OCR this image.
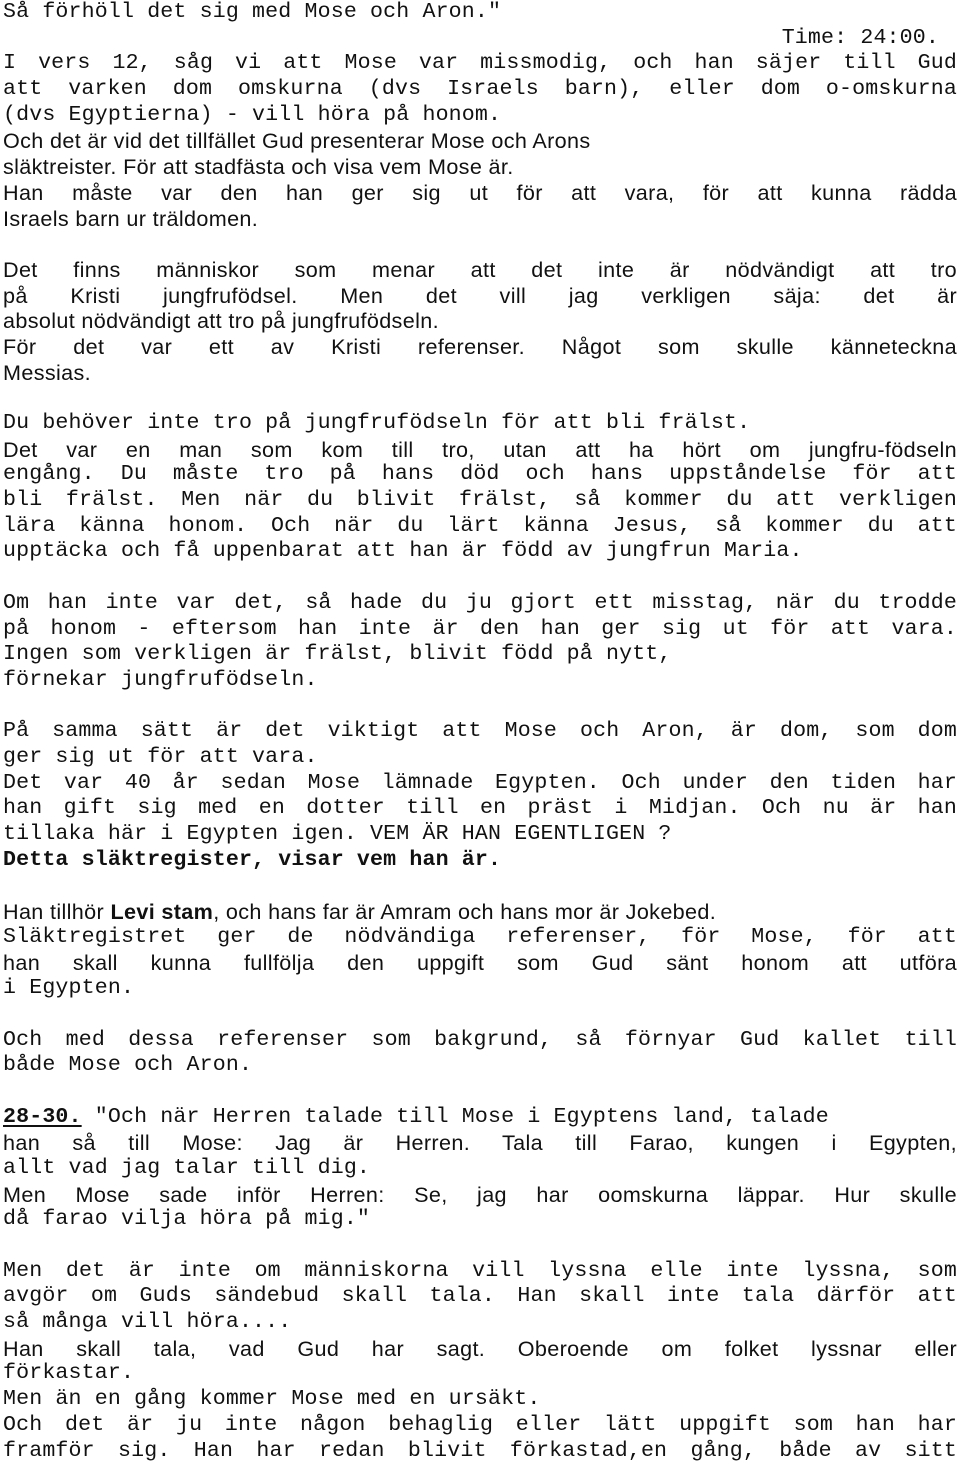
Så förhöll det sig med Mose och Aron."
Time: 24:00.
I vers 12, såg vi att Mose var missmodig, och han säjer till Gud
att varken dom omskurna (dvs Israels barn), eller dom o-omskurna
(dvs Egyptierna) - vill höra på honom.
Och det är vid det tillfället Gud presenterar Mose och Arons
släktreister. För att stadfästa och visa vem Mose är.
Han måste var den han ger sig ut för att vara, för att kunna rädda
Israels barn ur träldomen.
Det finns människor som menar att det inte är nödvändigt att tro
på Kristi jungfrufödsel. Men det vill jag verkligen säja: det är
absolut nödvändigt att tro på jungfrufödseln.
För det var ett av Kristi referenser. Något som skulle känneteckna
Messias.
Du behöver inte tro på jungfrufödseln för att bli frälst.
Det var en man som kom till tro, utan att ha hört om jungfru-födseln
engång. Du måste tro på hans död och hans uppståndelse för att
bli frälst. Men när du blivit frälst, så kommer du att verkligen
lära känna honom. Och när du lärt känna Jesus, så kommer du att
upptäcka och få uppenbarat att han är född av jungfrun Maria.
Om han inte var det, så hade du ju gjort ett misstag, när du trodde
på honom - eftersom han inte är den han ger sig ut för att vara.
Ingen som verkligen är frälst, blivit född på nytt,
förnekar jungfrufödseln.
På samma sätt är det viktigt att Mose och Aron, är dom, som dom
ger sig ut för att vara.
Det var 40 år sedan Mose lämnade Egypten. Och under den tiden har
han gift sig med en dotter till en präst i Midjan. Och nu är han
tillaka här i Egypten igen. VEM ÄR HAN EGENTLIGEN ?
Detta släktregister, visar vem han är.
Han tillhör Levi stam, och hans far är Amram och hans mor är Jokebed.
Släktregistret ger de nödvändiga referenser, för Mose, för att
han skall kunna fullfölja den uppgift som Gud sänt honom att utföra
i Egypten.
Och med dessa referenser som bakgrund, så förnyar Gud kallet till
både Mose och Aron.
28-30. "Och när Herren talade till Mose i Egyptens land, talade
han så till Mose: Jag är Herren. Tala till Farao, kungen i Egypten,
allt vad jag talar till dig.
Men Mose sade inför Herren: Se, jag har oomskurna läppar. Hur skulle
då farao vilja höra på mig."
Men det är inte om människorna vill lyssna elle inte lyssna, som
avgör om Guds sändebud skall tala. Han skall inte tala därför att
så många vill höra....
Han skall tala, vad Gud har sagt. Oberoende om folket lyssnar eller
förkastar.
Men än en gång kommer Mose med en ursäkt.
Och det är ju inte någon behaglig eller lätt uppgift som han har
framför sig. Han har redan blivit förkastad,en gång, både av sitt
